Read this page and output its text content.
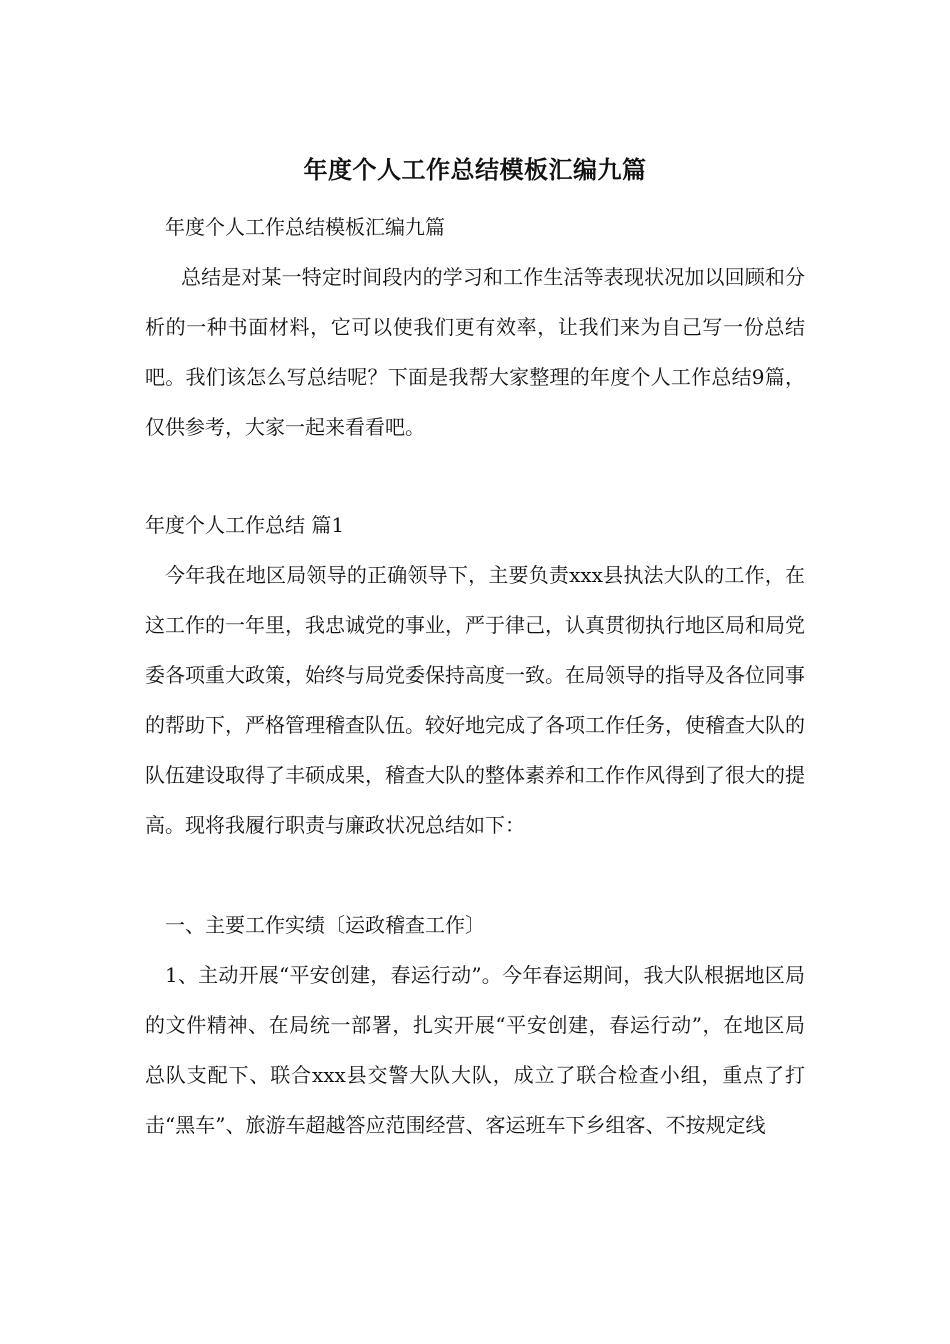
年度个人工作总结模板汇编九篇

年度个人工作总结模板汇编九篇

总结是对某一特定时间段内的学习和工作生活等表现状况加以回顾和分析的一种书面材料，它可以使我们更有效率，让我们来为自己写一份总结吧。我们该怎么写总结呢？下面是我帮大家整理的年度个人工作总结9篇，仅供参考，大家一起来看看吧。

年度个人工作总结 篇1

今年我在地区局领导的正确领导下，主要负责xxx县执法大队的工作，在这工作的一年里，我忠诚党的事业，严于律己，认真贯彻执行地区局和局党委各项重大政策，始终与局党委保持高度一致。在局领导的指导及各位同事的帮助下，严格管理稽查队伍。较好地完成了各项工作任务，使稽查大队的队伍建设取得了丰硕成果，稽查大队的整体素养和工作作风得到了很大的提高。现将我履行职责与廉政状况总结如下：

一、主要工作实绩〔运政稽查工作〕

1、主动开展“平安创建，春运行动”。今年春运期间，我大队根据地区局的文件精神、在局统一部署，扎实开展“平安创建，春运行动”，在地区局总队支配下、联合xxx县交警大队大队，成立了联合检查小组，重点了打击“黑车”、旅游车超越答应范围经营、客运班车下乡组客、不按规定线
